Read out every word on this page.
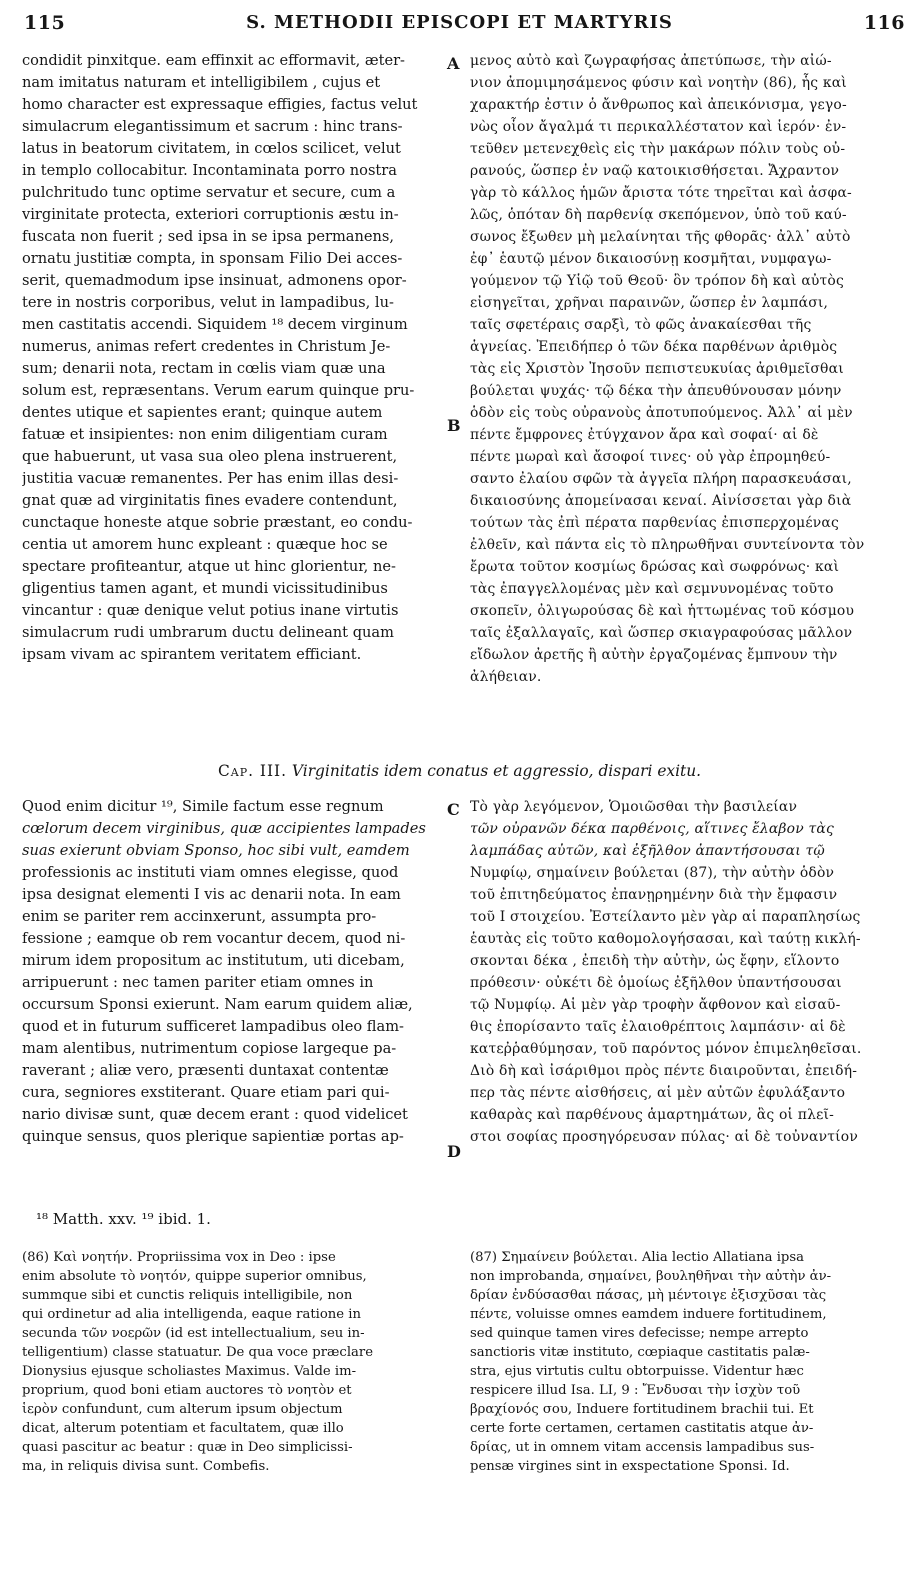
115	S. METHODII EPISCOPI ET MARTYRIS	116
condidit pinxitque. eam effinxit ac efformavit, æter-
nam imitatus naturam et intelligibilem , cujus et
homo character est expressaque effigies, factus velut
simulacrum elegantissimum et sacrum : hinc trans-
latus in beatorum civitatem, in cœlos scilicet, velut
in templo collocabitur. Incontaminata porro nostra
pulchritudo tunc optime servatur et secure, cum a
virginitate protecta, exteriori corruptionis æstu in-
fuscata non fuerit ; sed ipsa in se ipsa permanens,
ornatu justitiæ compta, in sponsam Filio Dei acces-
serit, quemadmodum ipse insinuat, admonens opor-
tere in nostris corporibus, velut in lampadibus, lu-
men castitatis accendi. Siquidem ¹⁸ decem virginum
numerus, animas refert credentes in Christum Je-
sum; denarii nota, rectam in cœlis viam quæ una
solum est, repræsentans. Verum earum quinque pru-
dentes utique et sapientes erant; quinque autem
fatuæ et insipientes: non enim diligentiam curam
que habuerunt, ut vasa sua oleo plena instruerent,
justitia vacuæ remanentes. Per has enim illas desi-
gnat quæ ad virginitatis fines evadere contendunt,
cunctaque honeste atque sobrie præstant, eo condu-
centia ut amorem hunc expleant : quæque hoc se
spectare profiteantur, atque ut hinc glorientur, ne-
gligentius tamen agant, et mundi vicissitudinibus
vincantur : quæ denique velut potius inane virtutis
simulacrum rudi umbrarum ductu delineant quam
ipsam vivam ac spirantem veritatem efficiant.
μενος αὐτὸ καὶ ζωγραφήσας ἀπετύπωσε, τὴν αἰώ-
νιον ἀπομιμησάμενος φύσιν καὶ νοητὴν (86), ἧς καὶ
χαρακτήρ ἐστιν ὁ ἄνθρωπος καὶ ἀπεικόνισμα, γεγο-
νὼς οἷον ἄγαλμά τι περικαλλέστατον καὶ ἱερόν· ἐν-
τεῦθεν μετενεχθεὶς εἰς τὴν μακάρων πόλιν τοὺς οὐ-
ρανούς, ὥσπερ ἐν ναῷ κατοικισθήσεται. Ἄχραντον
γὰρ τὸ κάλλος ἡμῶν ἄριστα τότε τηρεῖται καὶ ἀσφα-
λῶς, ὁπόταν δὴ παρθενίᾳ σκεπόμενον, ὑπὸ τοῦ καύ-
σωνος ἔξωθεν μὴ μελαίνηται τῆς φθορᾶς· ἀλλ᾽ αὐτὸ
ἐφ᾽ ἑαυτῷ μένον δικαιοσύνῃ κοσμῆται, νυμφαγω-
γούμενον τῷ Υἱῷ τοῦ Θεοῦ· ὃν τρόπον δὴ καὶ αὐτὸς
εἰσηγεῖται, χρῆναι παραινῶν, ὥσπερ ἐν λαμπάσι,
ταῖς σφετέραις σαρξὶ, τὸ φῶς ἀνακαίεσθαι τῆς
ἁγνείας. Ἐπειδήπερ ὁ τῶν δέκα παρθένων ἀριθμὸς
τὰς εἰς Χριστὸν Ἰησοῦν πεπιστευκυίας ἀριθμεῖσθαι
βούλεται ψυχάς· τῷ δέκα τὴν ἀπευθύνουσαν μόνην
ὁδὸν εἰς τοὺς οὐρανοὺς ἀποτυπούμενος. Ἀλλ᾽ αἱ μὲν
πέντε ἔμφρονες ἐτύγχανον ἄρα καὶ σοφαί· αἱ δὲ
πέντε μωραὶ καὶ ἄσοφοί τινες· οὐ γὰρ ἐπρομηθεύ-
σαντο ἐλαίου σφῶν τὰ ἀγγεῖα πλήρη παρασκευάσαι,
δικαιοσύνης ἀπομείνασαι κεναί. Αἰνίσσεται γὰρ διὰ
τούτων τὰς ἐπὶ πέρατα παρθενίας ἐπισπερχομένας
ἐλθεῖν, καὶ πάντα εἰς τὸ πληρωθῆναι συντείνοντα τὸν
ἔρωτα τοῦτον κοσμίως δρώσας καὶ σωφρόνως· καὶ
τὰς ἐπαγγελλομένας μὲν καὶ σεμνυνομένας τοῦτο
σκοπεῖν, ὀλιγωρούσας δὲ καὶ ἡττωμένας τοῦ κόσμου
ταῖς ἐξαλλαγαῖς, καὶ ὥσπερ σκιαγραφούσας μᾶλλον
εἴδωλον ἀρετῆς ἢ αὐτὴν ἐργαζομένας ἔμπνουν τὴν
ἀλήθειαν.
A
B
Cap. III. Virginitatis idem conatus et aggressio, dispari exitu.
Quod enim dicitur ¹⁹, Simile factum esse regnum
cœlorum decem virginibus, quæ accipientes lampades
suas exierunt obviam Sponso, hoc sibi vult, eamdem
professionis ac instituti viam omnes elegisse, quod
ipsa designat elementi I vis ac denarii nota. In eam
enim se pariter rem accinxerunt, assumpta pro-
fessione ; eamque ob rem vocantur decem, quod ni-
mirum idem propositum ac institutum, uti dicebam,
arripuerunt : nec tamen pariter etiam omnes in
occursum Sponsi exierunt. Nam earum quidem aliæ,
quod et in futurum sufficeret lampadibus oleo flam-
mam alentibus, nutrimentum copiose largeque pa-
raverant ; aliæ vero, præsenti duntaxat contentæ
cura, segniores exstiterant. Quare etiam pari qui-
nario divisæ sunt, quæ decem erant : quod videlicet
quinque sensus, quos plerique sapientiæ portas ap-
Τὸ γὰρ λεγόμενον, Ὁμοιῶσθαι τὴν βασιλείαν
τῶν οὐρανῶν δέκα παρθένοις, αἵτινες ἔλαβον τὰς
λαμπάδας αὐτῶν, καὶ ἐξῆλθον ἀπαντήσουσαι τῷ
Νυμφίῳ, σημαίνειν βούλεται (87), τὴν αὐτὴν ὁδὸν
τοῦ ἐπιτηδεύματος ἐπανῃρημένην διὰ τὴν ἔμφασιν
τοῦ Ι στοιχείου. Ἐστείλαντο μὲν γὰρ αἱ παραπλησίως
ἑαυτὰς εἰς τοῦτο καθομολογήσασαι, καὶ ταύτῃ κικλή-
σκονται δέκα , ἐπειδὴ τὴν αὐτὴν, ὡς ἔφην, εἵλοντο
πρόθεσιν· οὐκέτι δὲ ὁμοίως ἐξῆλθον ὑπαντήσουσαι
τῷ Νυμφίῳ. Αἱ μὲν γὰρ τροφὴν ἄφθονον καὶ εἰσαῦ-
θις ἐπορίσαντο ταῖς ἐλαιοθρέπτοις λαμπάσιν· αἱ δὲ
κατεῤῥαθύμησαν, τοῦ παρόντος μόνον ἐπιμεληθεῖσαι.
Διὸ δὴ καὶ ἰσάριθμοι πρὸς πέντε διαιροῦνται, ἐπειδή-
περ τὰς πέντε αἰσθήσεις, αἱ μὲν αὐτῶν ἐφυλάξαντο
καθαρὰς καὶ παρθένους ἁμαρτημάτων, ἃς οἱ πλεῖ-
στοι σοφίας προσηγόρευσαν πύλας· αἱ δὲ τοὐναντίον
C
D
¹⁸ Matth. xxv. ¹⁹ ibid. 1.
(86) Καὶ νοητήν. Propriissima vox in Deo : ipse
enim absolute τὸ νοητόν, quippe superior omnibus,
summque sibi et cunctis reliquis intelligibile, non
qui ordinetur ad alia intelligenda, eaque ratione in
secunda τῶν νοερῶν (id est intellectualium, seu in-
telligentium) classe statuatur. De qua voce præclare
Dionysius ejusque scholiastes Maximus. Valde im-
proprium, quod boni etiam auctores τὸ νοητὸν et
ἱερὸν confundunt, cum alterum ipsum objectum
dicat, alterum potentiam et facultatem, quæ illo
quasi pascitur ac beatur : quæ in Deo simplicissi-
ma, in reliquis divisa sunt. Combefis.
(87) Σημαίνειν βούλεται. Alia lectio Allatiana ipsa
non improbanda, σημαίνει, βουληθῆναι τὴν αὐτὴν ἀν-
δρίαν ἐνδύσασθαι πάσας, μὴ μέντοιγε ἐξισχῦσαι τὰς
πέντε, voluisse omnes eamdem induere fortitudinem,
sed quinque tamen vires defecisse; nempe arrepto
sanctioris vitæ instituto, cœpiaque castitatis palæ-
stra, ejus virtutis cultu obtorpuisse. Videntur hæc
respicere illud Isa. LI, 9 : Ἔνδυσαι τὴν ἰσχὺν τοῦ
βραχίονός σου, Induere fortitudinem brachii tui. Et
certe forte certamen, certamen castitatis atque ἀν-
δρίας, ut in omnem vitam accensis lampadibus sus-
pensæ virgines sint in exspectatione Sponsi. Id.
